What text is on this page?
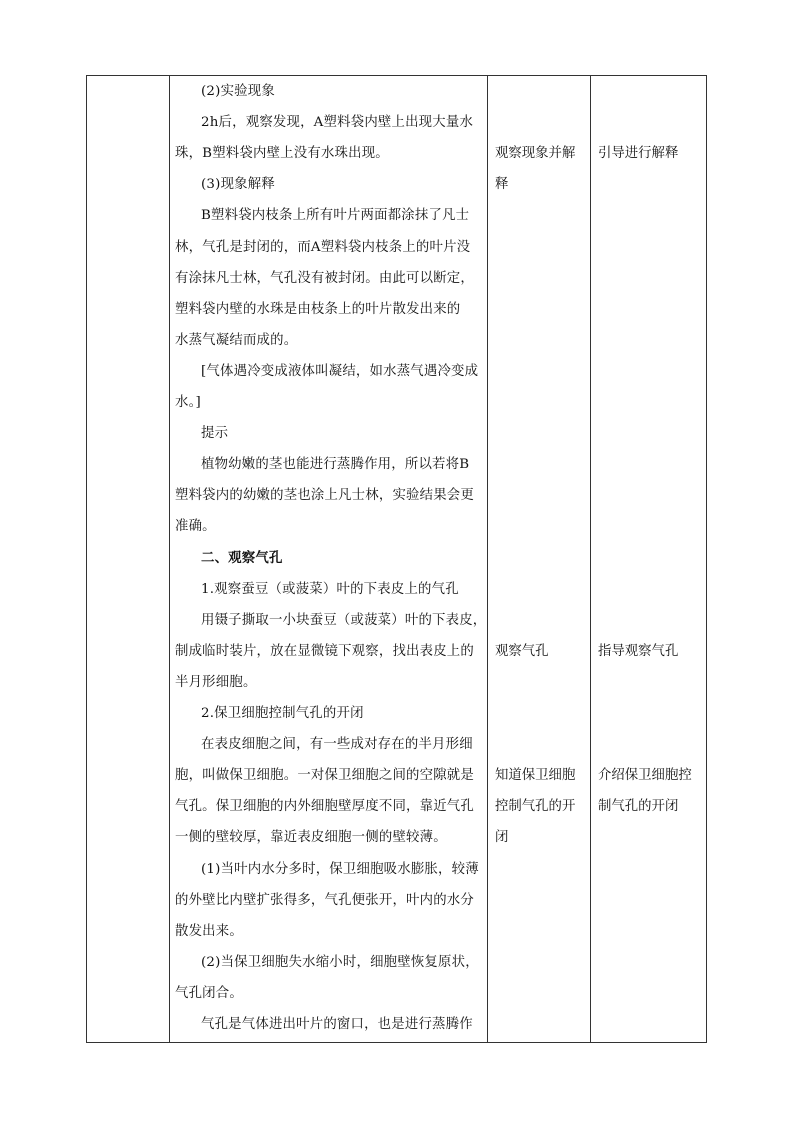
(2)实验现象
2h后，观察发现，A塑料袋内壁上出现大量水
珠，B塑料袋内壁上没有水珠出现。
(3)现象解释
B塑料袋内枝条上所有叶片两面都涂抹了凡士
林，气孔是封闭的，而A塑料袋内枝条上的叶片没
有涂抹凡士林，气孔没有被封闭。由此可以断定，
塑料袋内壁的水珠是由枝条上的叶片散发出来的
水蒸气凝结而成的。
[气体遇冷变成液体叫凝结，如水蒸气遇冷变成
水。]
提示
植物幼嫩的茎也能进行蒸腾作用，所以若将B
塑料袋内的幼嫩的茎也涂上凡士林，实验结果会更
准确。
二、观察气孔
1.观察蚕豆（或菠菜）叶的下表皮上的气孔
用镊子撕取一小块蚕豆（或菠菜）叶的下表皮，
制成临时装片，放在显微镜下观察，找出表皮上的
半月形细胞。
2.保卫细胞控制气孔的开闭
在表皮细胞之间，有一些成对存在的半月形细
胞，叫做保卫细胞。一对保卫细胞之间的空隙就是
气孔。保卫细胞的内外细胞壁厚度不同，靠近气孔
一侧的壁较厚，靠近表皮细胞一侧的壁较薄。
(1)当叶内水分多时，保卫细胞吸水膨胀，较薄
的外壁比内壁扩张得多，气孔便张开，叶内的水分
散发出来。
(2)当保卫细胞失水缩小时，细胞壁恢复原状，
气孔闭合。
气孔是气体进出叶片的窗口，也是进行蒸腾作
观察现象并解
释
观察气孔
知道保卫细胞
控制气孔的开
闭
引导进行解释
指导观察气孔
介绍保卫细胞控
制气孔的开闭
